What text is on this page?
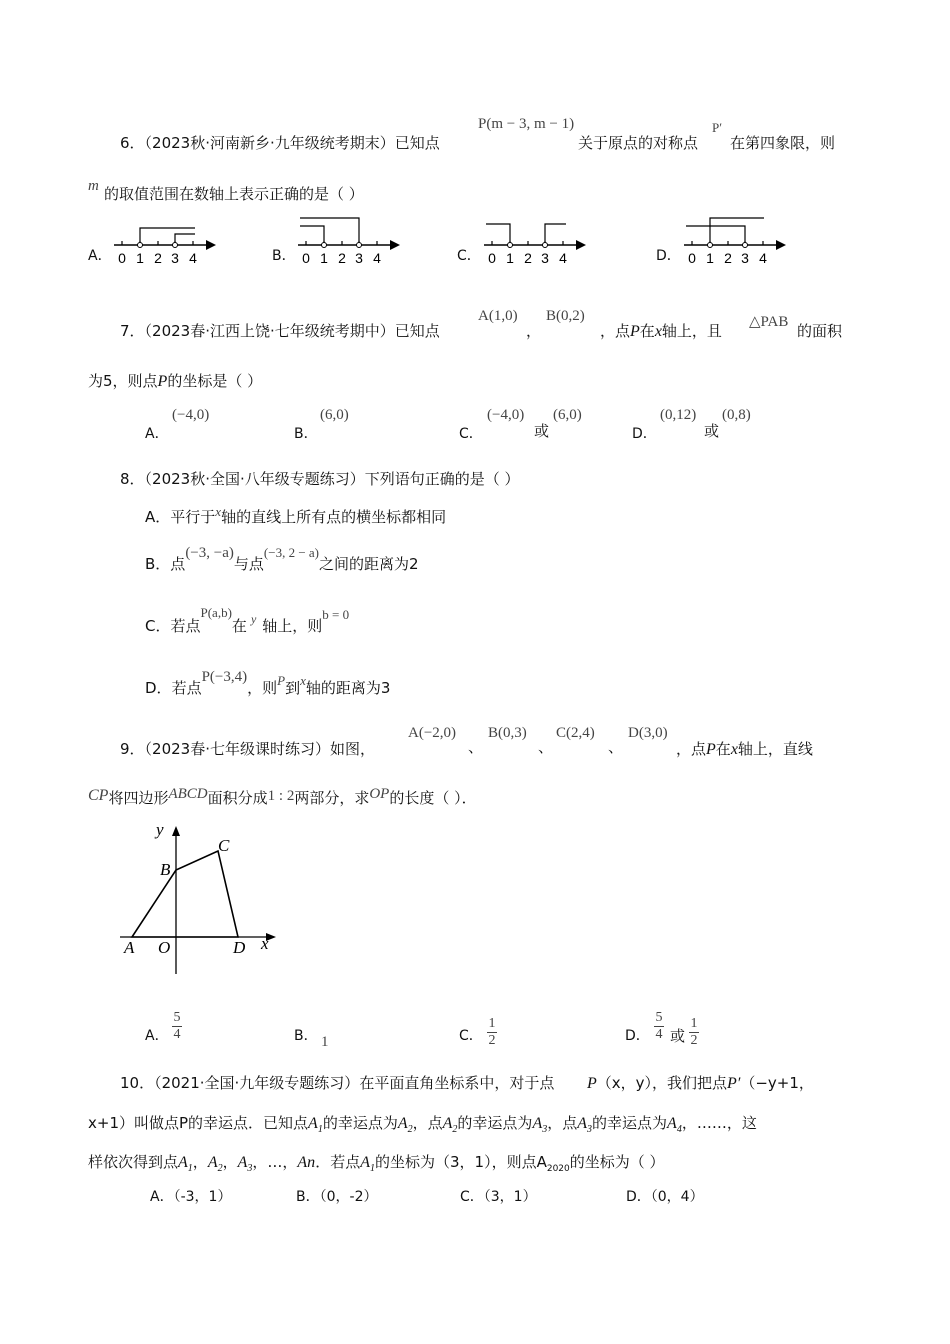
6．（2023秋·河南新乡·九年级统考期末）已知点
P(m − 3, m − 1)
关于原点的对称点
P′
在第四象限，则
m 的取值范围在数轴上表示正确的是（ ）
A．	B．	C．	D．
0 1 2 3 4	0 1 2 3 4	0 1 2 3 4	0 1 2 3 4
7．（2023春·江西上饶·七年级统考期中）已知点
A(1,0)
，
B(0,2)
，点P在x轴上，且 △PAB 的面积
为5，则点P的坐标是（ ）
A．
(−4,0)
B．
(6,0)
C．
(−4,0)
或
(6,0)
D．
(0,12)
或
(0,8)
8．（2023秋·全国·八年级专题练习）下列语句正确的是（ ）
A．平行于x轴的直线上所有点的横坐标都相同
B．点(−3, −a)与点(−3, 2 − a)之间的距离为2
C．若点P(a,b)在 $^y$ 轴上，则b = 0
D．若点P(−3,4)，则P到x轴的距离为3
9．（2023春·七年级课时练习）如图，
A(−2,0)
、
B(0,3)
、
C(2,4)
、
D(3,0)
，点P在x轴上，直线
CP将四边形ABCD面积分成1 : 2两部分，求OP的长度（ ）．
y
x
A O
B
C
D
A．
5
4	B． 1	C．
1
2	D．
5
4 或
1
2
10．（2021·全国·九年级专题练习）在平面直角坐标系中，对于点 P（x，y），我们把点P′（−y+1，
x+1）叫做点P的幸运点．已知点$A_1$的幸运点为$A_2$，点$A_2$的幸运点为$A_3$，点$A_3$的幸运点为$A_4$，……，这
样依次得到点$A_1$，$A_2$，$A_3$，…，An．若点$A_1$的坐标为（3，1），则点$A_{2020}$的坐标为（ ）
A．（-3，1）	B．（0，-2）	C．（3，1）	D．（0，4）
